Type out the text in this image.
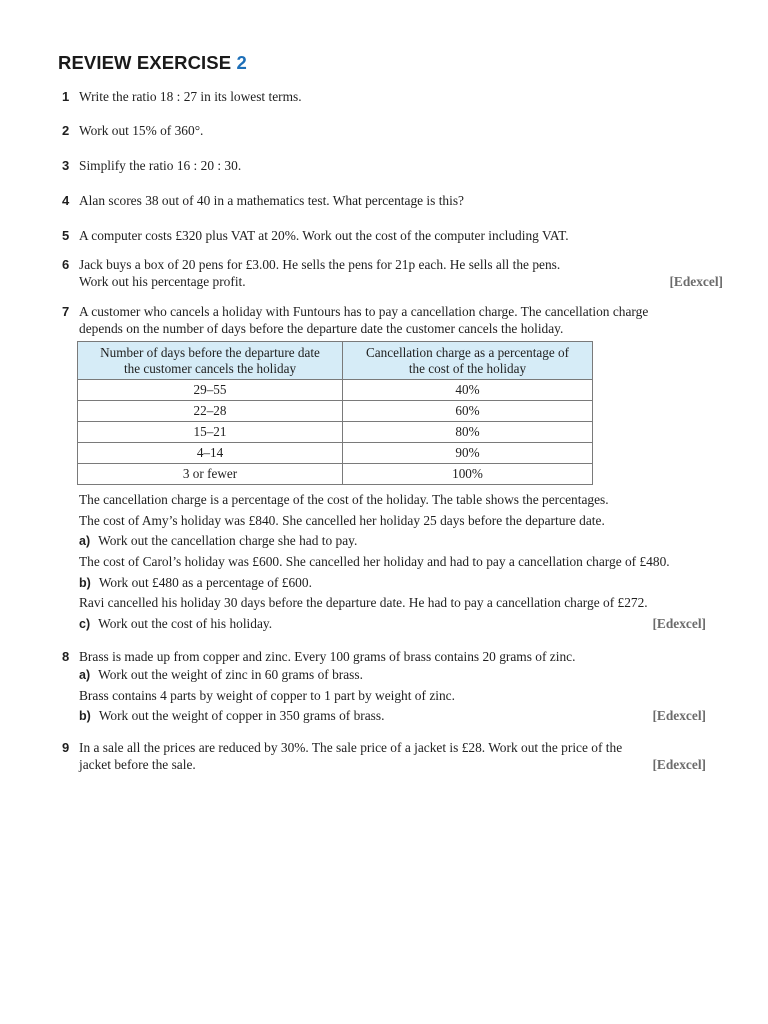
REVIEW EXERCISE 2
1 Write the ratio 18 : 27 in its lowest terms.
2 Work out 15% of 360°.
3 Simplify the ratio 16 : 20 : 30.
4 Alan scores 38 out of 40 in a mathematics test. What percentage is this?
5 A computer costs £320 plus VAT at 20%. Work out the cost of the computer including VAT.
6 Jack buys a box of 20 pens for £3.00. He sells the pens for 21p each. He sells all the pens.
Work out his percentage profit.	[Edexcel]
7 A customer who cancels a holiday with Funtours has to pay a cancellation charge. The cancellation charge
depends on the number of days before the departure date the customer cancels the holiday.
Number of days before the departure date
the customer cancels the holiday	Cancellation charge as a percentage of
the cost of the holiday

29–55	40%
22–28	60%
15–21	80%
4–14	90%
3 or fewer	100%
The cancellation charge is a percentage of the cost of the holiday. The table shows the percentages.
The cost of Amy’s holiday was £840. She cancelled her holiday 25 days before the departure date.
a) Work out the cancellation charge she had to pay.
The cost of Carol’s holiday was £600. She cancelled her holiday and had to pay a cancellation charge of £480.
b) Work out £480 as a percentage of £600.
Ravi cancelled his holiday 30 days before the departure date. He had to pay a cancellation charge of £272.
c) Work out the cost of his holiday.	[Edexcel]
8 Brass is made up from copper and zinc. Every 100 grams of brass contains 20 grams of zinc.
a) Work out the weight of zinc in 60 grams of brass.
Brass contains 4 parts by weight of copper to 1 part by weight of zinc.
b) Work out the weight of copper in 350 grams of brass.	[Edexcel]
9 In a sale all the prices are reduced by 30%. The sale price of a jacket is £28. Work out the price of the
jacket before the sale.	[Edexcel]
